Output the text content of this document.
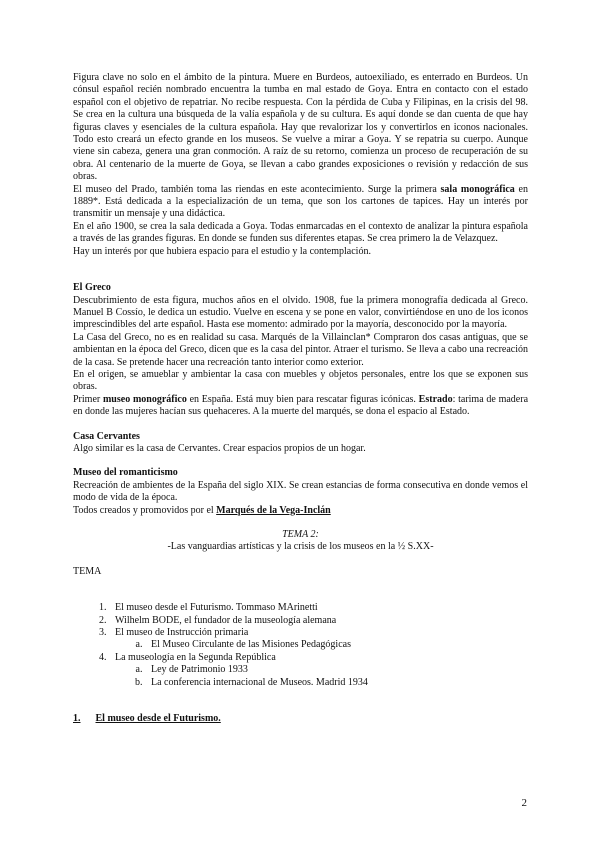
Figura clave no solo en el ámbito de la pintura. Muere en Burdeos, autoexiliado, es enterrado en Burdeos. Un cónsul español recién nombrado encuentra la tumba en mal estado de Goya. Entra en contacto con el estado español con el objetivo de repatriar. No recibe respuesta. Con la pérdida de Cuba y Filipinas, en la crisis del 98. Se crea en la cultura una búsqueda de la valía española y de su cultura. Es aquí donde se dan cuenta de que hay figuras claves y esenciales de la cultura española. Hay que revalorizar los y convertirlos en iconos nacionales. Todo esto creará un efecto grande en los museos. Se vuelve a mirar a Goya. Y se repatria su cuerpo. Aunque viene sin cabeza, genera una gran conmoción. A raíz de su retorno, comienza un proceso de recuperación de su obra. Al centenario de la muerte de Goya, se llevan a cabo grandes exposiciones o revisión y redacción de sus obras.

El museo del Prado, también toma las riendas en este acontecimiento. Surge la primera sala monográfica en 1889*. Está dedicada a la especialización de un tema, que son los cartones de tapices. Hay un interés por transmitir un mensaje y una didáctica.

En el año 1900, se crea la sala dedicada a Goya. Todas enmarcadas en el contexto de analizar la pintura española a través de las grandes figuras. En donde se funden sus diferentes etapas. Se crea primero la de Velazquez.

Hay un interés por que hubiera espacio para el estudio y la contemplación.

El Greco

Descubrimiento de esta figura, muchos años en el olvido. 1908, fue la primera monografía dedicada al Greco. Manuel B Cossío, le dedica un estudio. Vuelve en escena y se pone en valor, convirtiéndose en uno de los iconos imprescindibles del arte español. Hasta ese momento: admirado por la mayoría, desconocido por la mayoría.

La Casa del Greco, no es en realidad su casa. Marqués de la Villainclan* Compraron dos casas antiguas, que se ambientan en la época del Greco, dicen que es la casa del pintor. Atraer el turismo. Se lleva a cabo una recreación de la casa. Se pretende hacer una recreación tanto interior como exterior.

En el origen, se amueblar y ambientar la casa con muebles y objetos personales, entre los que se exponen sus obras.

Primer museo monográfico en España. Está muy bien para rescatar figuras icónicas. Estrado: tarima de madera en donde las mujeres hacían sus quehaceres. A la muerte del marqués, se dona el espacio al Estado.

Casa Cervantes

Algo similar es la casa de Cervantes. Crear espacios propios de un hogar.

Museo del romanticismo

Recreación de ambientes de la España del siglo XIX. Se crean estancias de forma consecutiva en donde vemos el modo de vida de la época.

Todos creados y promovidos por el Marqués de la Vega-Inclán

TEMA 2:

-Las vanguardias artísticas y la crisis de los museos en la ½ S.XX-

TEMA

1. El museo desde el Futurismo. Tommaso MArinetti
2. Wilhelm BODE, el fundador de la museología alemana
3. El museo de Instrucción primaria
a. El Museo Circulante de las Misiones Pedagógicas
4. La museología en la Segunda República
a. Ley de Patrimonio 1933
b. La conferencia internacional de Museos. Madrid 1934

1. El museo desde el Futurismo.

2
